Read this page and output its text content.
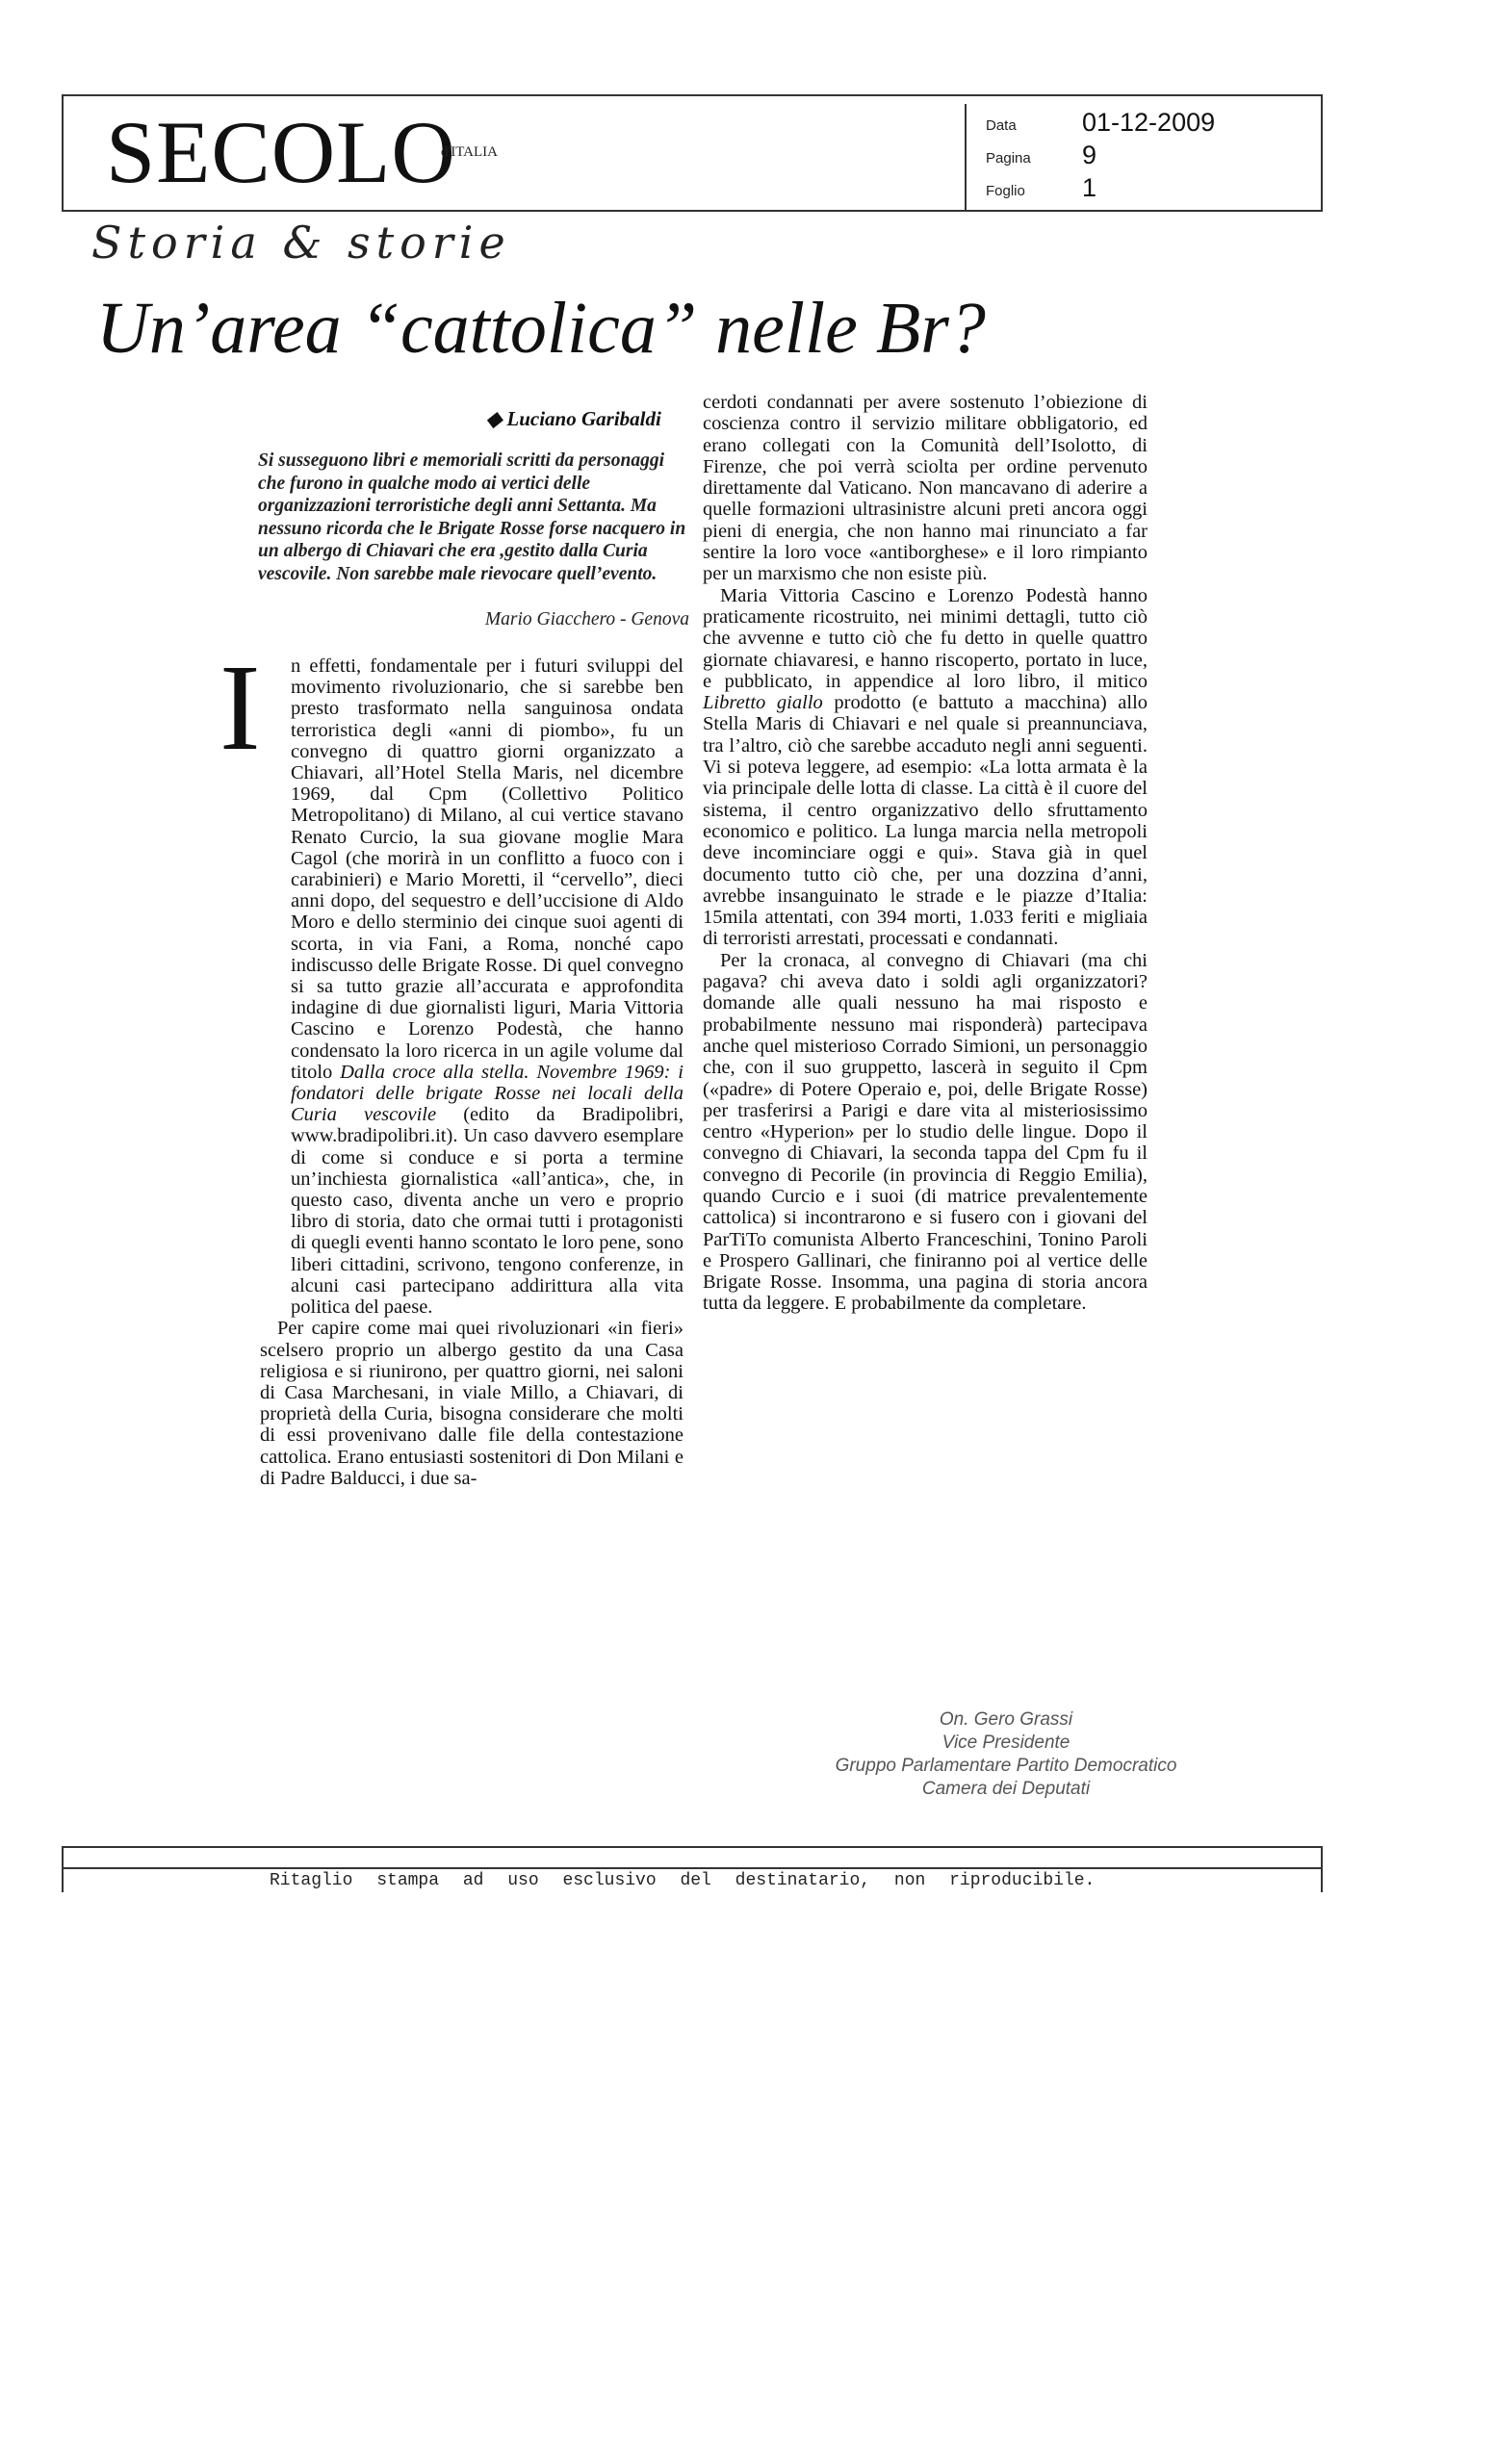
SECOLO
d'ITALIA
Data	01-12-2009
Pagina 9
Foglio 1
Storia & storie
Un’area “cattolica” nelle Br?
◆ Luciano Garibaldi
Si susseguono libri e memoriali scritti da personaggi che furono in qualche modo ai vertici delle organizzazioni terroristiche degli anni Settanta. Ma nessuno ricorda che le Brigate Rosse forse nacquero in un albergo di Chiavari che era ,gestito dalla Curia vescovile. Non sarebbe male rievocare quell’evento.
Mario Giacchero - Genova
I	n effetti, fondamentale per i futuri sviluppi del movimento rivoluzionario, che si sarebbe ben presto trasformato nella sanguinosa ondata terroristica degli «anni di piombo», fu un convegno di quattro giorni organizzato a Chiavari, all’Hotel Stella Maris, nel dicembre 1969, dal Cpm (Collettivo Politico Metropolitano) di Milano, al cui vertice stavano Renato Curcio, la sua giovane moglie Mara Cagol (che morirà in un conflitto a fuoco con i carabinieri) e Mario Moretti, il “cervello”, dieci anni dopo, del sequestro e dell’uccisione di Aldo Moro e dello sterminio dei cinque suoi agenti di scorta, in via Fani, a Roma, nonché capo indiscusso delle Brigate Rosse. Di quel convegno si sa tutto grazie all’accurata e approfondita indagine di due giornalisti liguri, Maria Vittoria Cascino e Lorenzo Podestà, che hanno condensato la loro ricerca in un agile volume dal titolo Dalla croce alla stella. Novembre 1969: i fondatori delle brigate Rosse nei locali della Curia vescovile (edito da Bradipolibri, www.bradipolibri.it). Un caso davvero esemplare di come si conduce e si porta a termine un’inchiesta giornalistica «all’antica», che, in questo caso, diventa anche un vero e proprio libro di storia, dato che ormai tutti i protagonisti di quegli eventi hanno scontato le loro pene, sono liberi cittadini, scrivono, tengono conferenze, in alcuni casi partecipano addirittura alla vita politica del paese.

Per capire come mai quei rivoluzionari «in fieri» scelsero proprio un albergo gestito da una Casa religiosa e si riunirono, per quattro giorni, nei saloni di Casa Marchesani, in viale Millo, a Chiavari, di proprietà della Curia, bisogna considerare che molti di essi provenivano dalle file della contestazione cattolica. Erano entusiasti sostenitori di Don Milani e di Padre Balducci, i due sa-

cerdoti condannati per avere sostenuto l’obiezione di coscienza contro il servizio militare obbligatorio, ed erano collegati con la Comunità dell’Isolotto, di Firenze, che poi verrà sciolta per ordine pervenuto direttamente dal Vaticano. Non mancavano di aderire a quelle formazioni ultrasinistre alcuni preti ancora oggi pieni di energia, che non hanno mai rinunciato a far sentire la loro voce «antiborghese» e il loro rimpianto per un marxismo che non esiste più.

Maria Vittoria Cascino e Lorenzo Podestà hanno praticamente ricostruito, nei minimi dettagli, tutto ciò che avvenne e tutto ciò che fu detto in quelle quattro giornate chiavaresi, e hanno riscoperto, portato in luce, e pubblicato, in appendice al loro libro, il mitico Libretto giallo prodotto (e battuto a macchina) allo Stella Maris di Chiavari e nel quale si preannunciava, tra l’altro, ciò che sarebbe accaduto negli anni seguenti. Vi si poteva leggere, ad esempio: «La lotta armata è la via principale delle lotta di classe. La città è il cuore del sistema, il centro organizzativo dello sfruttamento economico e politico. La lunga marcia nella metropoli deve incominciare oggi e qui». Stava già in quel documento tutto ciò che, per una dozzina d’anni, avrebbe insanguinato le strade e le piazze d’Italia: 15mila attentati, con 394 morti, 1.033 feriti e migliaia di terroristi arrestati, processati e condannati.

Per la cronaca, al convegno di Chiavari (ma chi pagava? chi aveva dato i soldi agli organizzatori? domande alle quali nessuno ha mai risposto e probabilmente nessuno mai risponderà) partecipava anche quel misterioso Corrado Simioni, un personaggio che, con il suo gruppetto, lascerà in seguito il Cpm («padre» di Potere Operaio e, poi, delle Brigate Rosse) per trasferirsi a Parigi e dare vita al misteriosissimo centro «Hyperion» per lo studio delle lingue. Dopo il convegno di Chiavari, la seconda tappa del Cpm fu il convegno di Pecorile (in provincia di Reggio Emilia), quando Curcio e i suoi (di matrice prevalentemente cattolica) si incontrarono e si fusero con i giovani del ParTiTo comunista Alberto Franceschini, Tonino Paroli e Prospero Gallinari, che finiranno poi al vertice delle Brigate Rosse. Insomma, una pagina di storia ancora tutta da leggere. E probabilmente da completare.

On. Gero Grassi
Vice Presidente
Gruppo Parlamentare Partito Democratico
Camera dei Deputati
Ritaglio stampa ad uso esclusivo del destinatario, non riproducibile.
